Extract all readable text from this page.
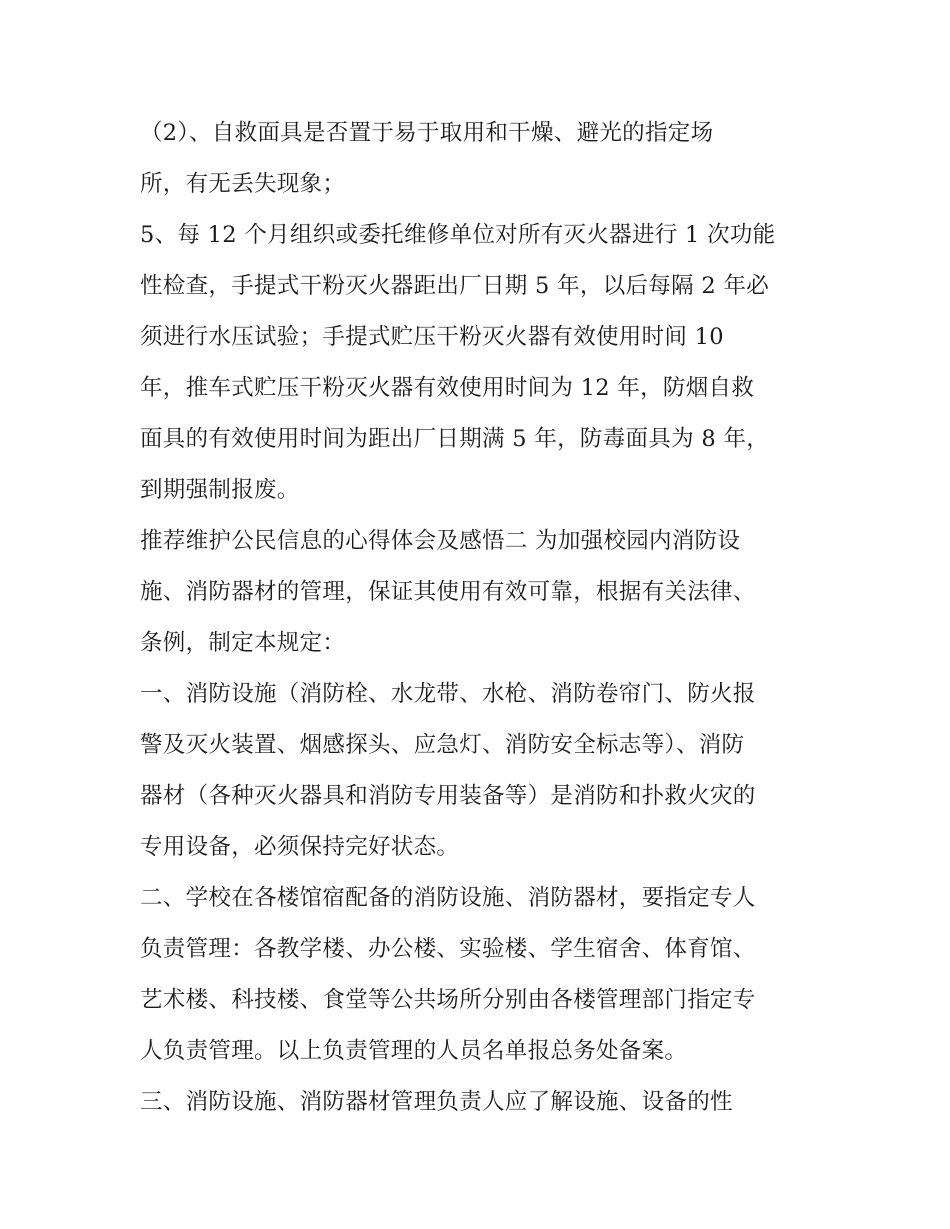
（2）、自救面具是否置于易于取用和干燥、避光的指定场
所，有无丢失现象；
5、每 12 个月组织或委托维修单位对所有灭火器进行 1 次功能
性检查，手提式干粉灭火器距出厂日期 5 年，以后每隔 2 年必
须进行水压试验；手提式贮压干粉灭火器有效使用时间 10
年，推车式贮压干粉灭火器有效使用时间为 12 年，防烟自救
面具的有效使用时间为距出厂日期满 5 年，防毒面具为 8 年，
到期强制报废。
推荐维护公民信息的心得体会及感悟二 为加强校园内消防设
施、消防器材的管理，保证其使用有效可靠，根据有关法律、
条例，制定本规定：
一、消防设施（消防栓、水龙带、水枪、消防卷帘门、防火报
警及灭火装置、烟感探头、应急灯、消防安全标志等）、消防
器材（各种灭火器具和消防专用装备等）是消防和扑救火灾的
专用设备，必须保持完好状态。
二、学校在各楼馆宿配备的消防设施、消防器材，要指定专人
负责管理：各教学楼、办公楼、实验楼、学生宿舍、体育馆、
艺术楼、科技楼、食堂等公共场所分别由各楼管理部门指定专
人负责管理。以上负责管理的人员名单报总务处备案。
三、消防设施、消防器材管理负责人应了解设施、设备的性
